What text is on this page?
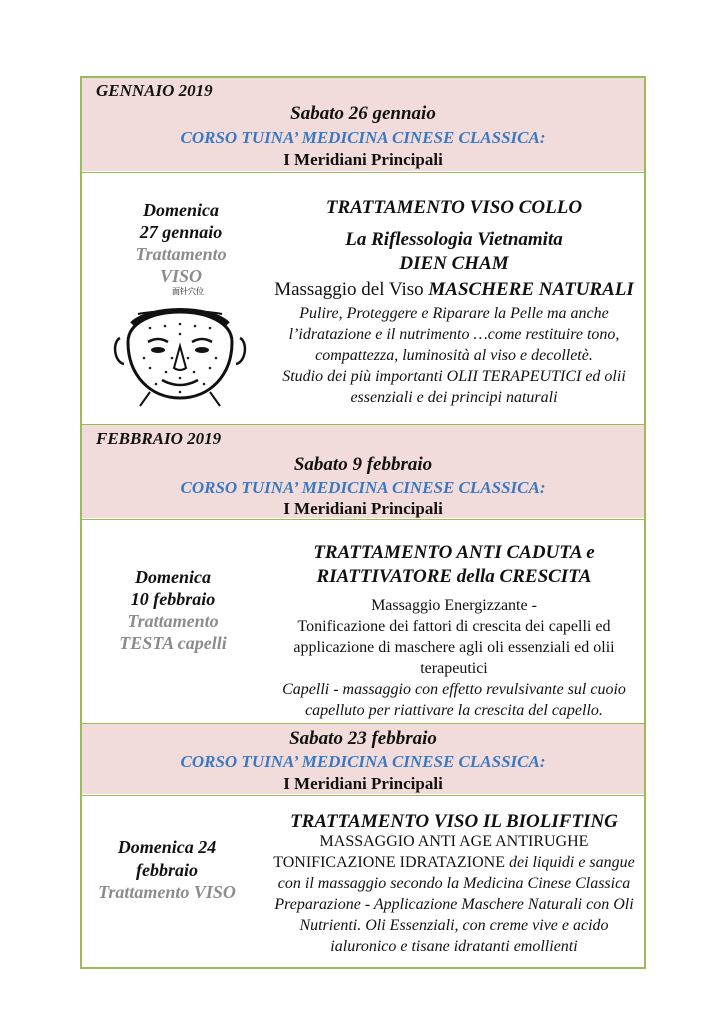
GENNAIO 2019
Sabato 26 gennaio
CORSO TUINA’ MEDICINA CINESE CLASSICA:
I Meridiani Principali
Domenica
27 gennaio
Trattamento
VISO
面针穴位
TRATTAMENTO VISO COLLO
La Riflessologia Vietnamita
DIEN CHAM
Massaggio del Viso MASCHERE NATURALI
Pulire, Proteggere e Riparare la Pelle ma anche
l’idratazione e il nutrimento …come restituire tono,
compattezza, luminosità al viso e decolletè.
Studio dei più importanti OLII TERAPEUTICI ed olii
essenziali e dei principi naturali
FEBBRAIO 2019
Sabato 9 febbraio
CORSO TUINA’ MEDICINA CINESE CLASSICA:
I Meridiani Principali
Domenica
10 febbraio
Trattamento
TESTA capelli
TRATTAMENTO ANTI CADUTA e
RIATTIVATORE della CRESCITA
Massaggio Energizzante -
Tonificazione dei fattori di crescita dei capelli ed
applicazione di maschere agli oli essenziali ed olii
terapeutici
Capelli - massaggio con effetto revulsivante sul cuoio
capelluto per riattivare la crescita del capello.
Sabato 23 febbraio
CORSO TUINA’ MEDICINA CINESE CLASSICA:
I Meridiani Principali
Domenica 24
febbraio
Trattamento VISO
TRATTAMENTO VISO IL BIOLIFTING
MASSAGGIO ANTI AGE ANTIRUGHE
TONIFICAZIONE IDRATAZIONE dei liquidi e sangue
con il massaggio secondo la Medicina Cinese Classica
Preparazione - Applicazione Maschere Naturali con Oli
Nutrienti. Oli Essenziali, con creme vive e acido
ialuronico e tisane idratanti emollienti
